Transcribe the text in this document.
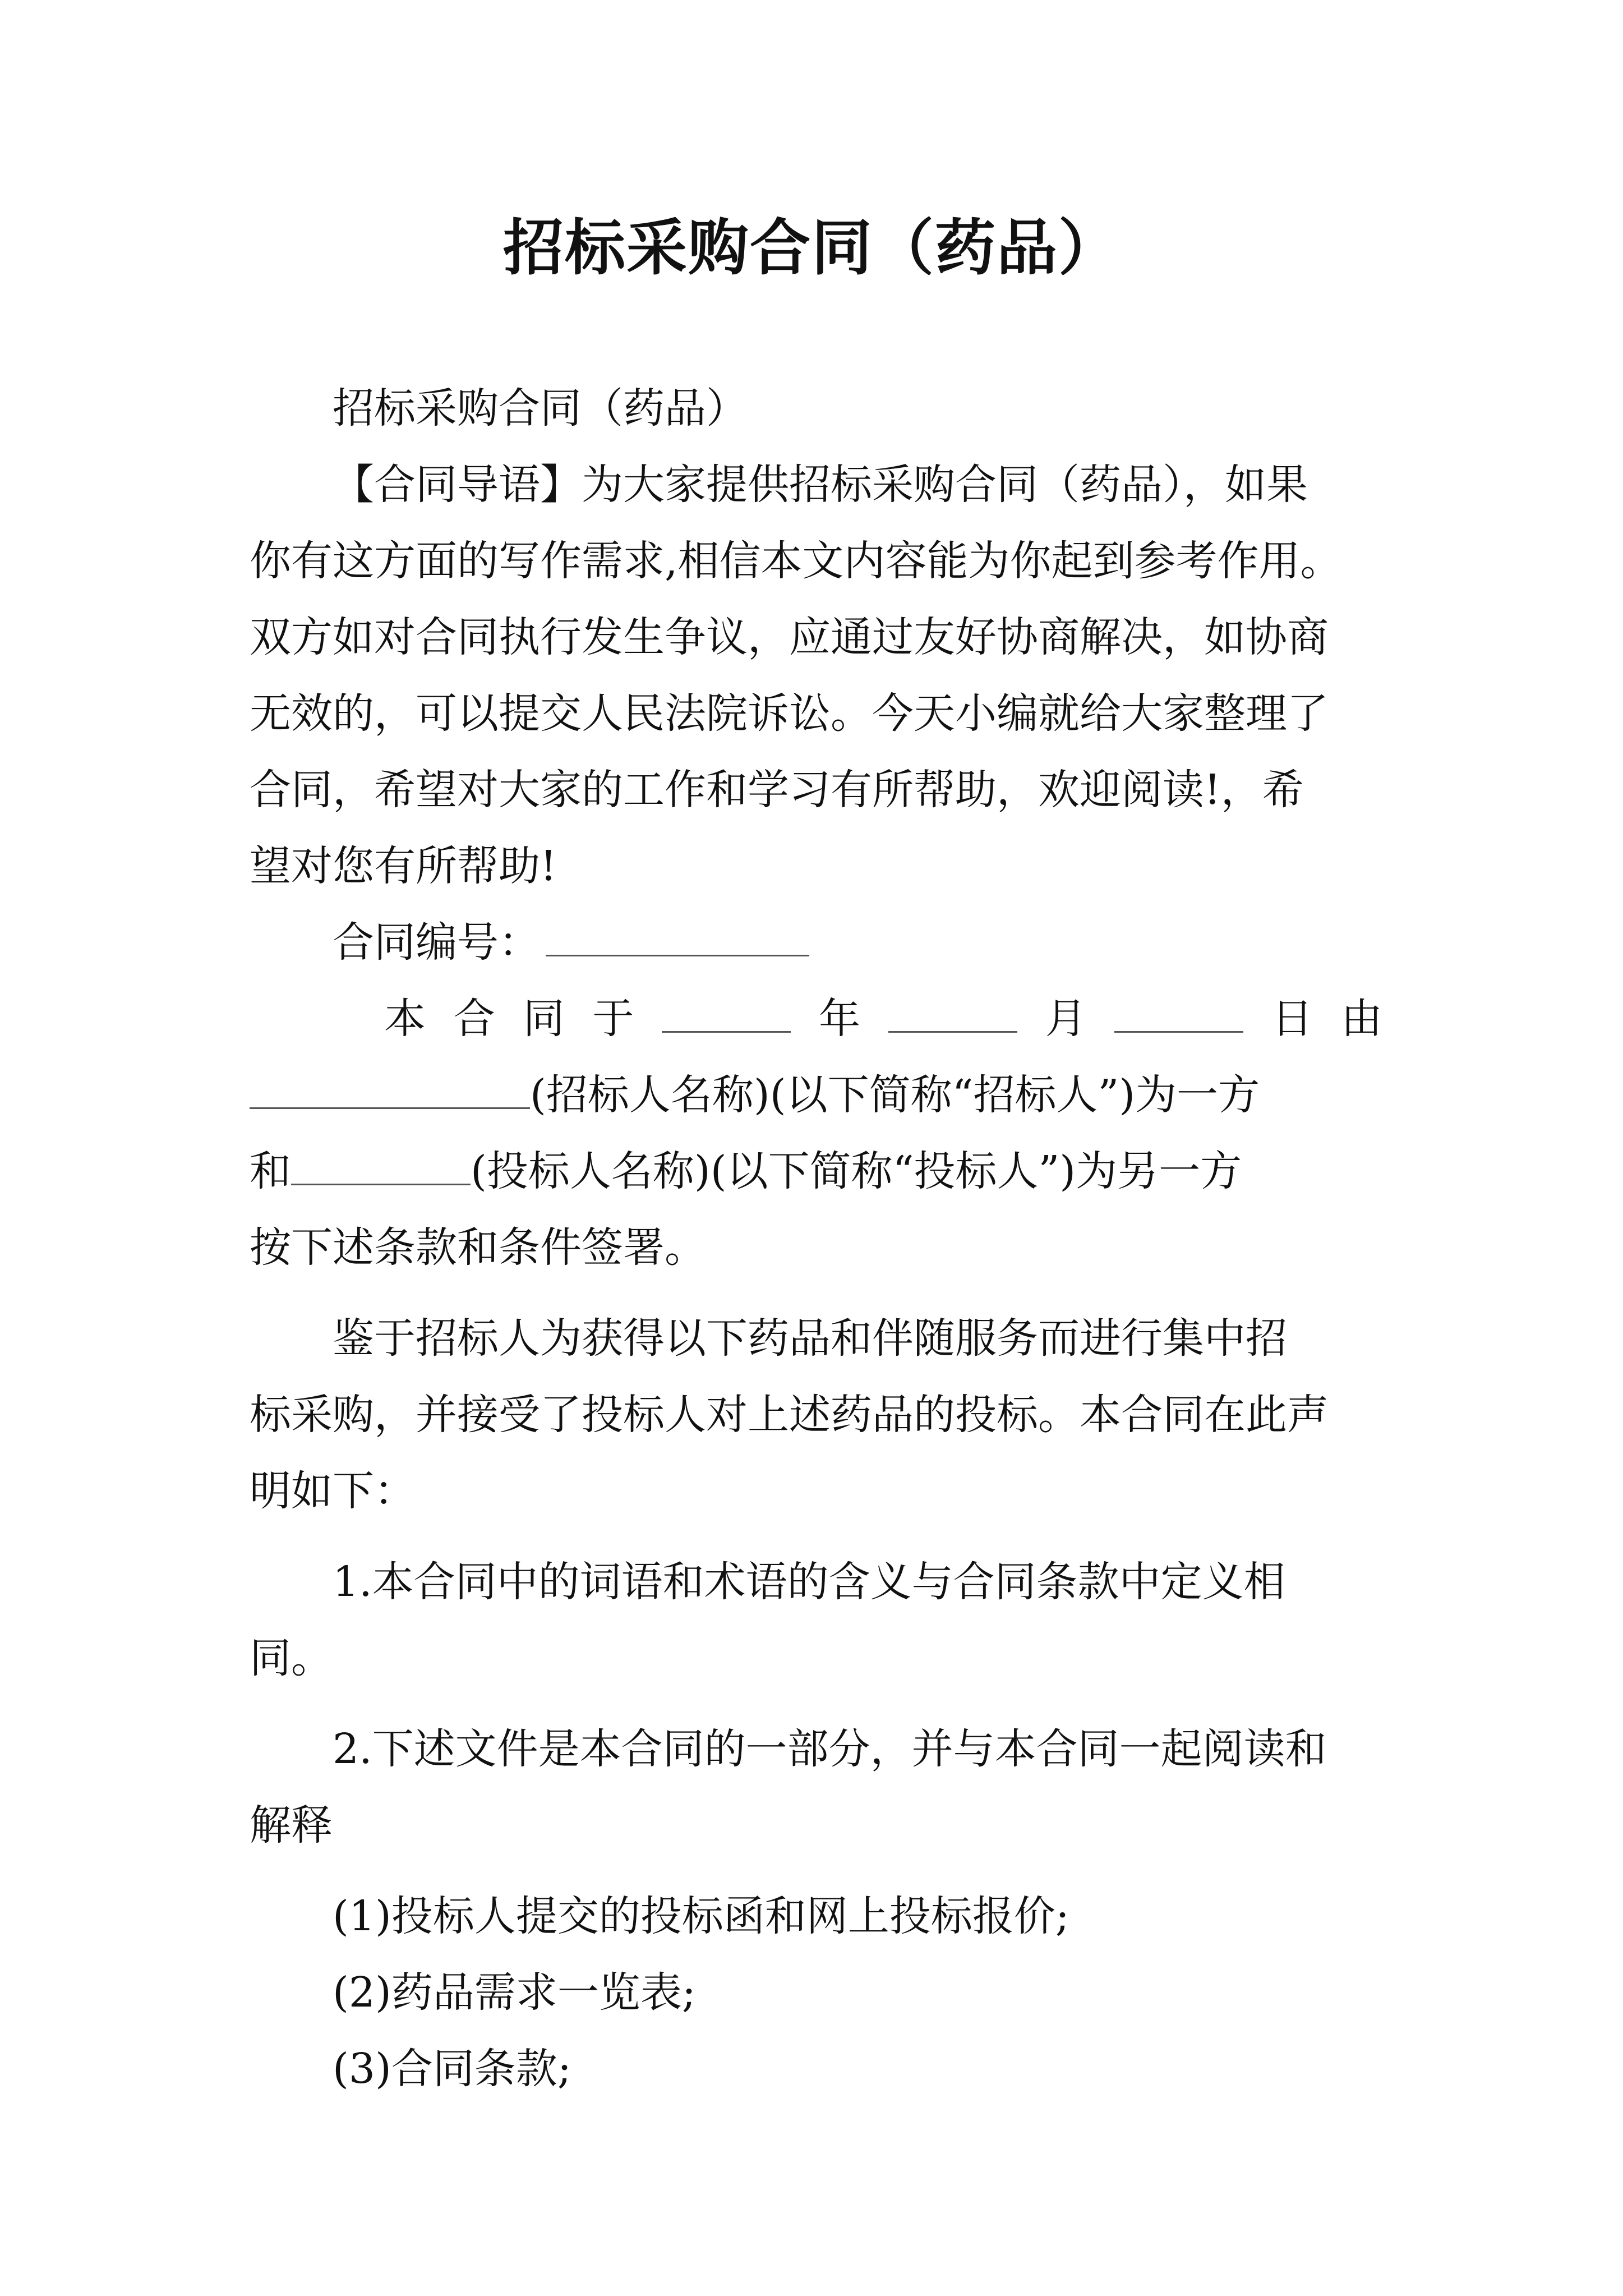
招标采购合同（药品）

招标采购合同（药品）

【合同导语】为大家提供招标采购合同（药品），如果

你有这方面的写作需求,相信本文内容能为你起到参考作用。

双方如对合同执行发生争议，应通过友好协商解决，如协商

无效的，可以提交人民法院诉讼。今天小编就给大家整理了

合同，希望对大家的工作和学习有所帮助，欢迎阅读!，希

望对您有所帮助!

合同编号：

本 合 同 于	年	月	日 由

(招标人名称)(以下简称“招标人”)为一方

和	(投标人名称)(以下简称“投标人”)为另一方

按下述条款和条件签署。

鉴于招标人为获得以下药品和伴随服务而进行集中招

标采购，并接受了投标人对上述药品的投标。本合同在此声

明如下：

1.本合同中的词语和术语的含义与合同条款中定义相

同。

2.下述文件是本合同的一部分，并与本合同一起阅读和

解释

(1)投标人提交的投标函和网上投标报价;

(2)药品需求一览表;

(3)合同条款;
